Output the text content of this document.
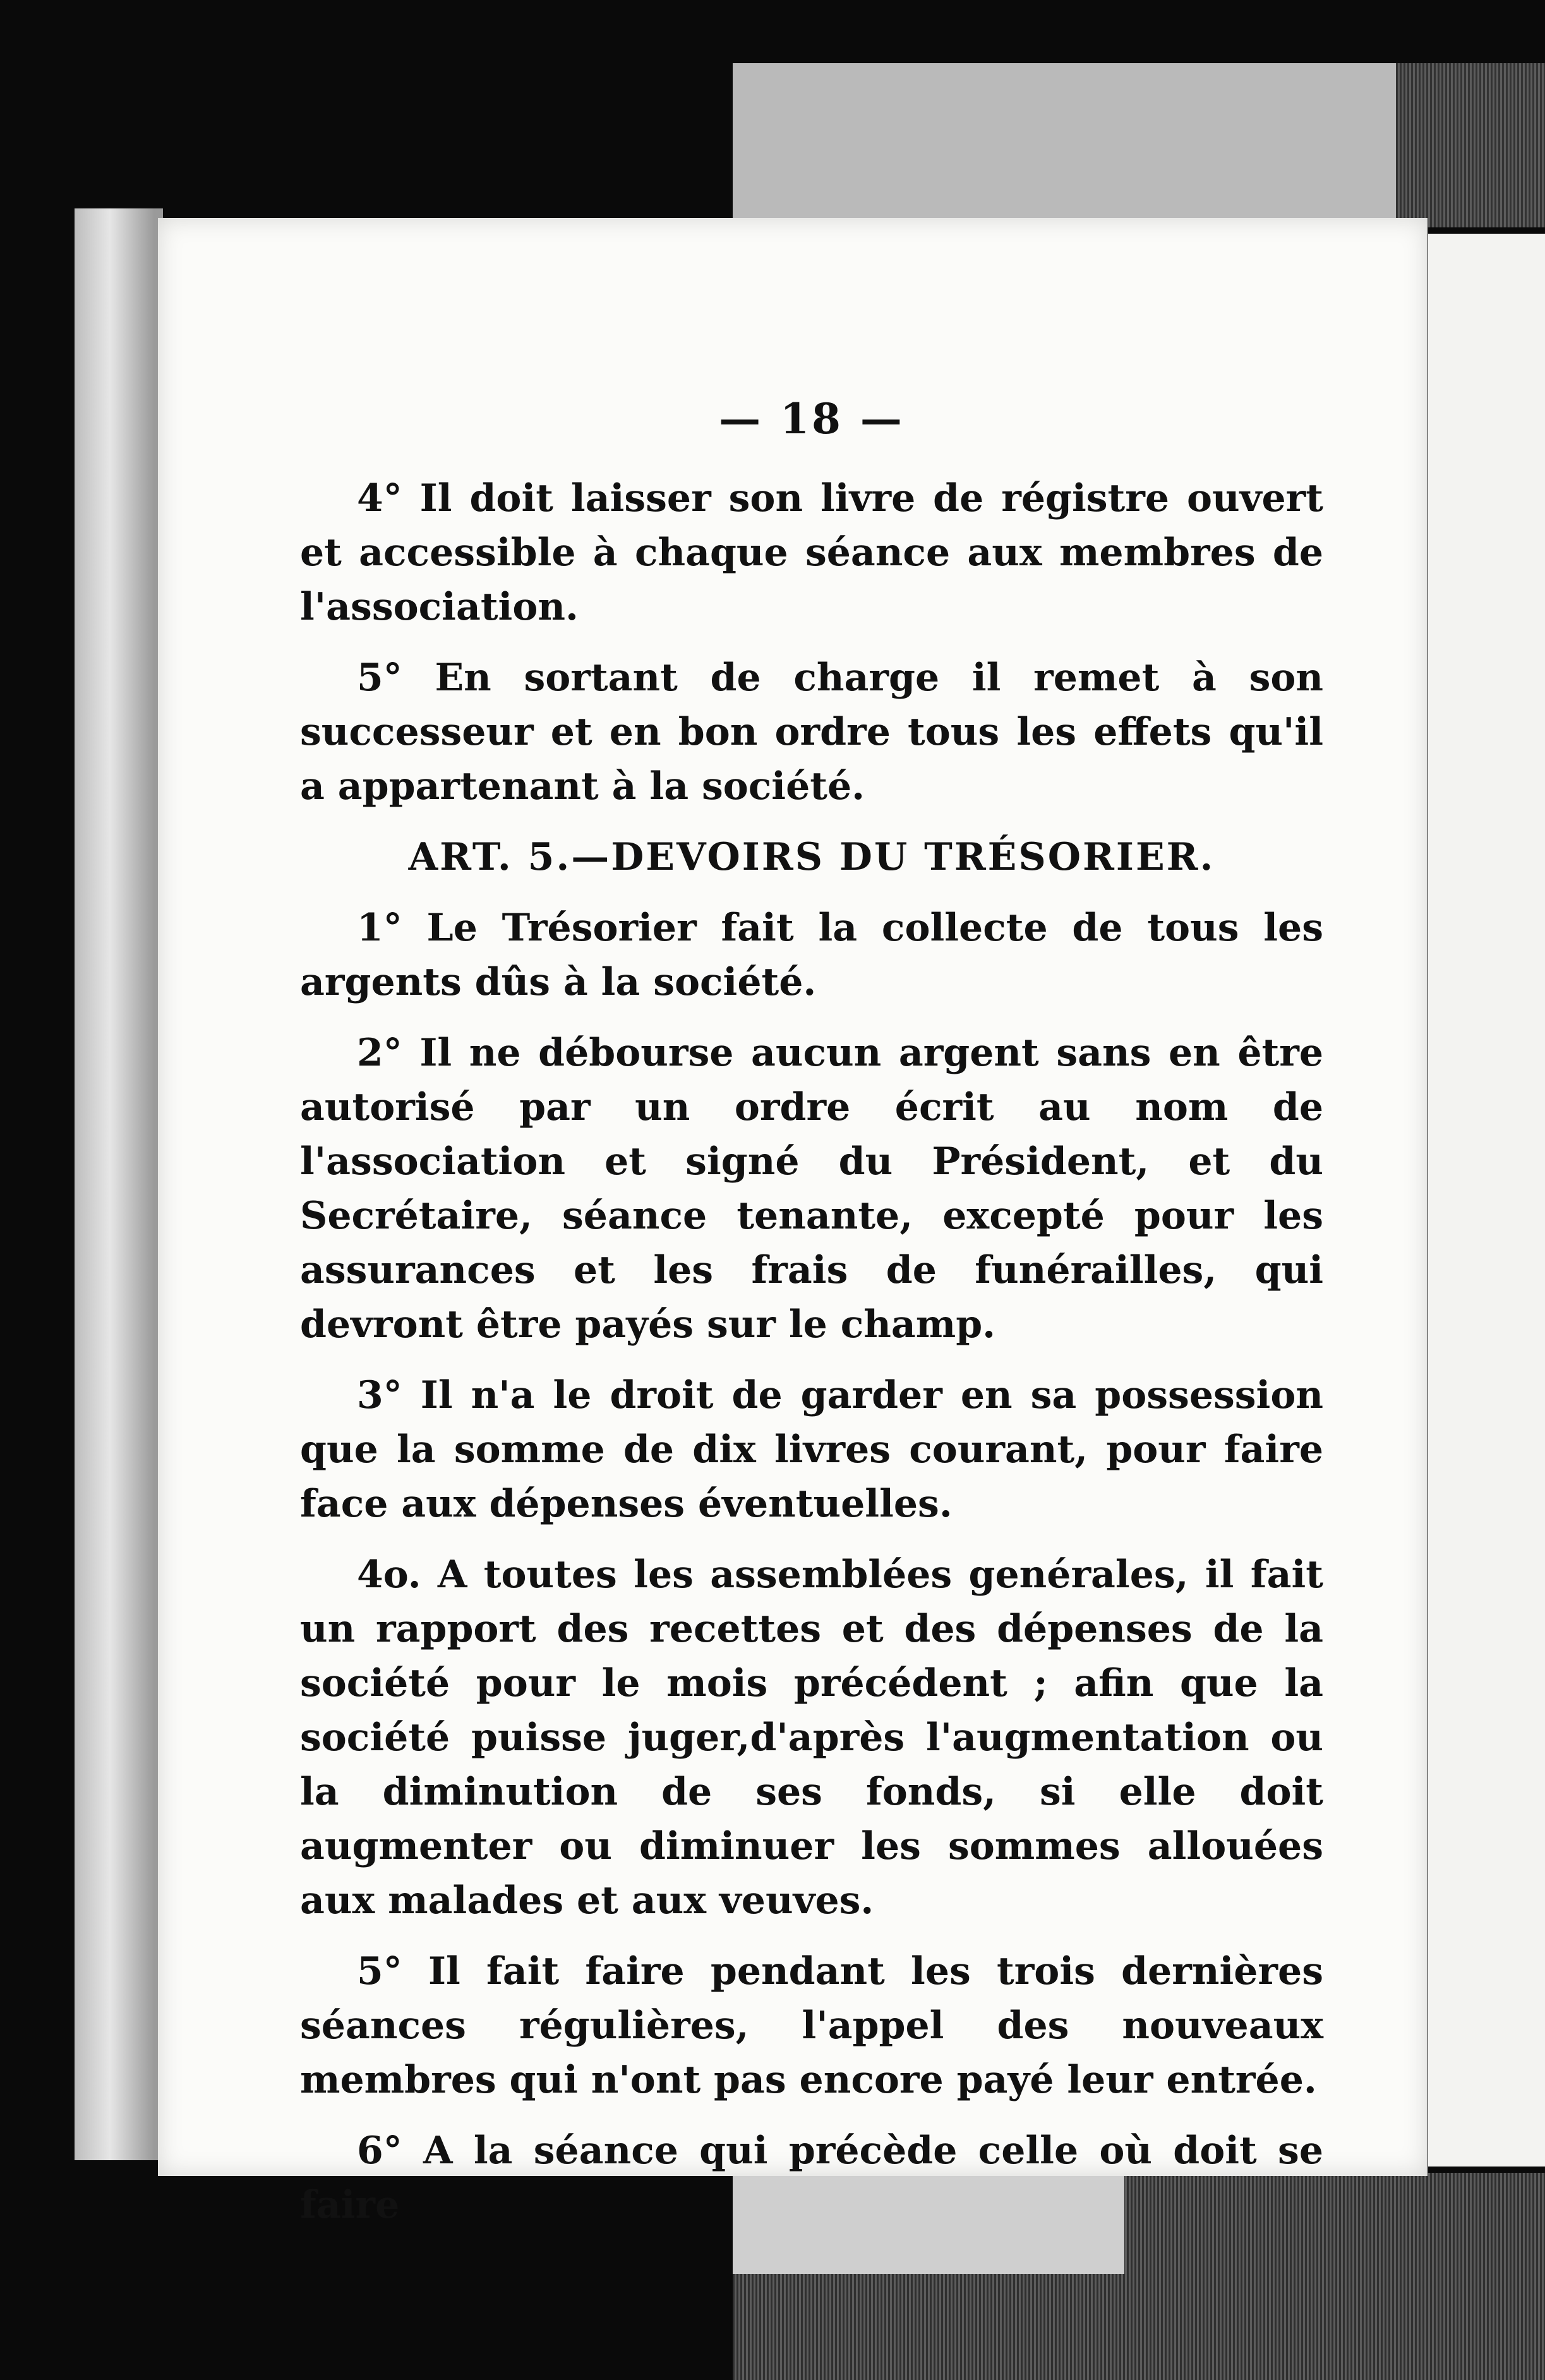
— 18 —

4° Il doit laisser son livre de régistre ouvert et accessible à chaque séance aux membres de l'association.

5° En sortant de charge il remet à son successeur et en bon ordre tous les effets qu'il a appartenant à la société.

ART. 5.—DEVOIRS DU TRÉSORIER.

1° Le Trésorier fait la collecte de tous les argents dûs à la société.

2° Il ne débourse aucun argent sans en être autorisé par un ordre écrit au nom de l'association et signé du Président, et du Secrétaire, séance tenante, excepté pour les assurances et les frais de funérailles, qui devront être payés sur le champ.

3° Il n'a le droit de garder en sa possession que la somme de dix livres courant, pour faire face aux dépenses éventuelles.

4o. A toutes les assemblées genérales, il fait un rapport des recettes et des dépenses de la société pour le mois précédent ; afin que la société puisse juger,d'après l'augmentation ou la diminution de ses fonds, si elle doit augmenter ou diminuer les sommes allouées aux malades et aux veuves.

5° Il fait faire pendant les trois dernières séances régulières, l'appel des nouveaux membres qui n'ont pas encore payé leur entrée.

6° A la séance qui précède celle où doit se faire
